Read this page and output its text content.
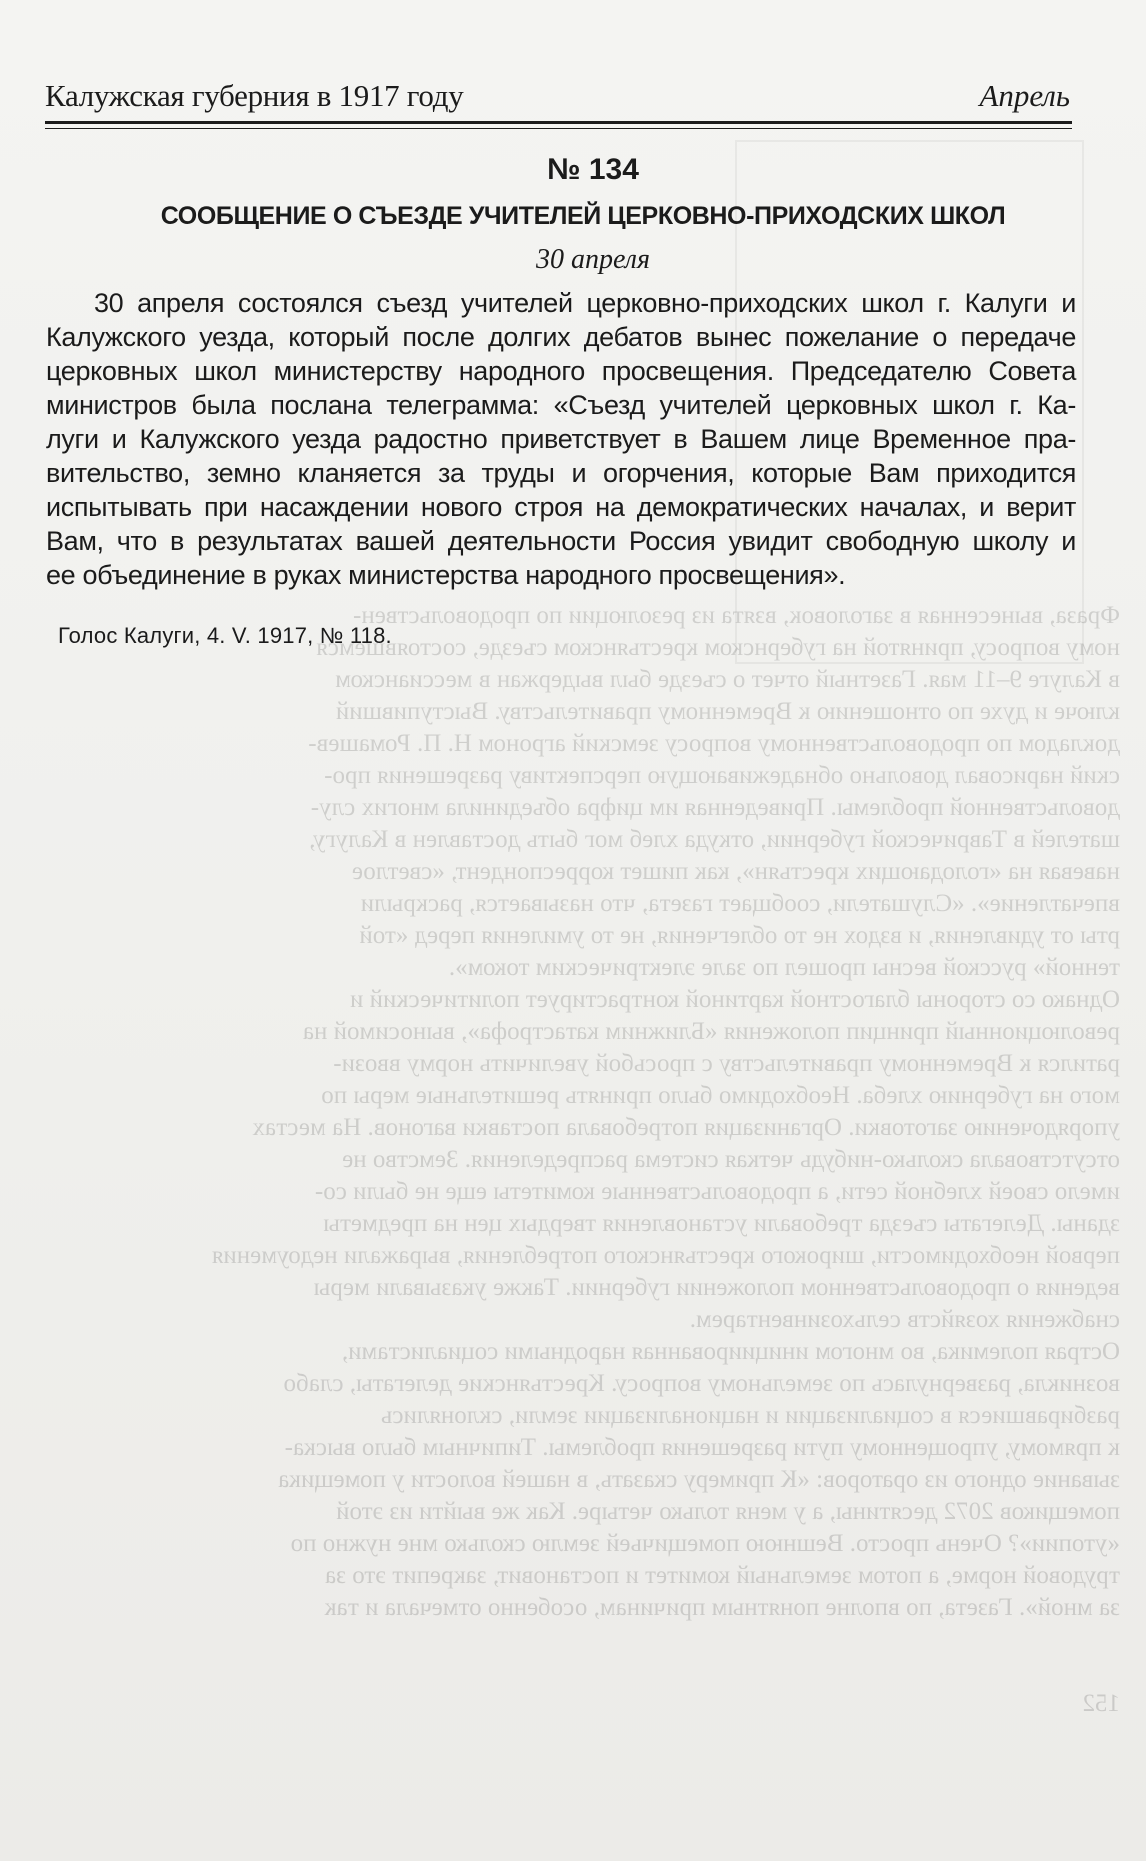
Фраза, вынесенная в заголовок, взята из резолюции по продовольствен-
ному вопросу, принятой на губернском крестьянском съезде, состоявшемся
в Калуге 9–11 мая. Газетный отчет о съезде был выдержан в мессианском
ключе и духе по отношению к Временному правительству. Выступивший
докладом по продовольственному вопросу земский агроном Н. П. Ромашев-
ский нарисовал довольно обнадеживающую перспективу разрешения про-
довольственной проблемы. Приведенная им цифра объединила многих слу-
шателей в Таврической губернии, откуда хлеб мог быть доставлен в Калугу,
навевая на «голодающих крестьян», как пишет корреспондент, «светлое
впечатление». «Слушатели, сообщает газета, что называется, раскрыли
рты от удивления, и вздох не то облегчения, не то умиления перед «той
тенной» русской весны прошел по зале электрическим током».
Однако со стороны благостной картиной контрастирует политический и
революционный принцип положения «Ближним катастрофа», выносимой на
ратился к Временному правительству с просьбой увеличить норму ввози-
мого на губернию хлеба. Необходимо было принять решительные меры по
упорядочению заготовки. Организация потребовала поставки вагонов. На местах
отсутствовала сколько-нибудь четкая система распределения. Земство не
имело своей хлебной сети, а продовольственные комитеты еще не были со-
зданы. Делегаты съезда требовали установления твердых цен на предметы
первой необходимости, широкого крестьянского потребления, выражали недоумения
ведения о продовольственном положении губернии. Также указывали меры
снабжения хозяйств сельхозинвентарем.
Острая полемика, во многом инициированная народными социалистами,
возникла, развернулась по земельному вопросу. Крестьянские делегаты, слабо
разбиравшиеся в социализации и национализации земли, склонялись
к прямому, упрощенному пути разрешения проблемы. Типичным было выска-
зывание одного из ораторов: «К примеру сказать, в нашей волости у помещика
помещиков 2072 десятины, а у меня только четыре. Как же выйти из этой
«утопии»? Очень просто. Вешнюю помещичьей землю сколько мне нужно по
трудовой норме, а потом земельный комитет и постановит, закрепит это за
за мной». Газета, по вполне понятным причинам, особенно отмечала и так
152
Калужская губерния в 1917 году	Апрель
№ 134
СООБЩЕНИЕ О СЪЕЗДЕ УЧИТЕЛЕЙ ЦЕРКОВНО-ПРИХОДСКИХ ШКОЛ
30 апреля
30 апреля состоялся съезд учителей церковно-приходских школ г. Калуги и
Калужского уезда, который после долгих дебатов вынес пожелание о передаче
церковных школ министерству народного просвещения. Председателю Совета
министров была послана телеграмма: «Съезд учителей церковных школ г. Ка-
луги и Калужского уезда радостно приветствует в Вашем лице Временное пра-
вительство, земно кланяется за труды и огорчения, которые Вам приходится
испытывать при насаждении нового строя на демократических началах, и верит
Вам, что в результатах вашей деятельности Россия увидит свободную школу и
ее объединение в руках министерства народного просвещения».
Голос Калуги, 4. V. 1917, № 118.
